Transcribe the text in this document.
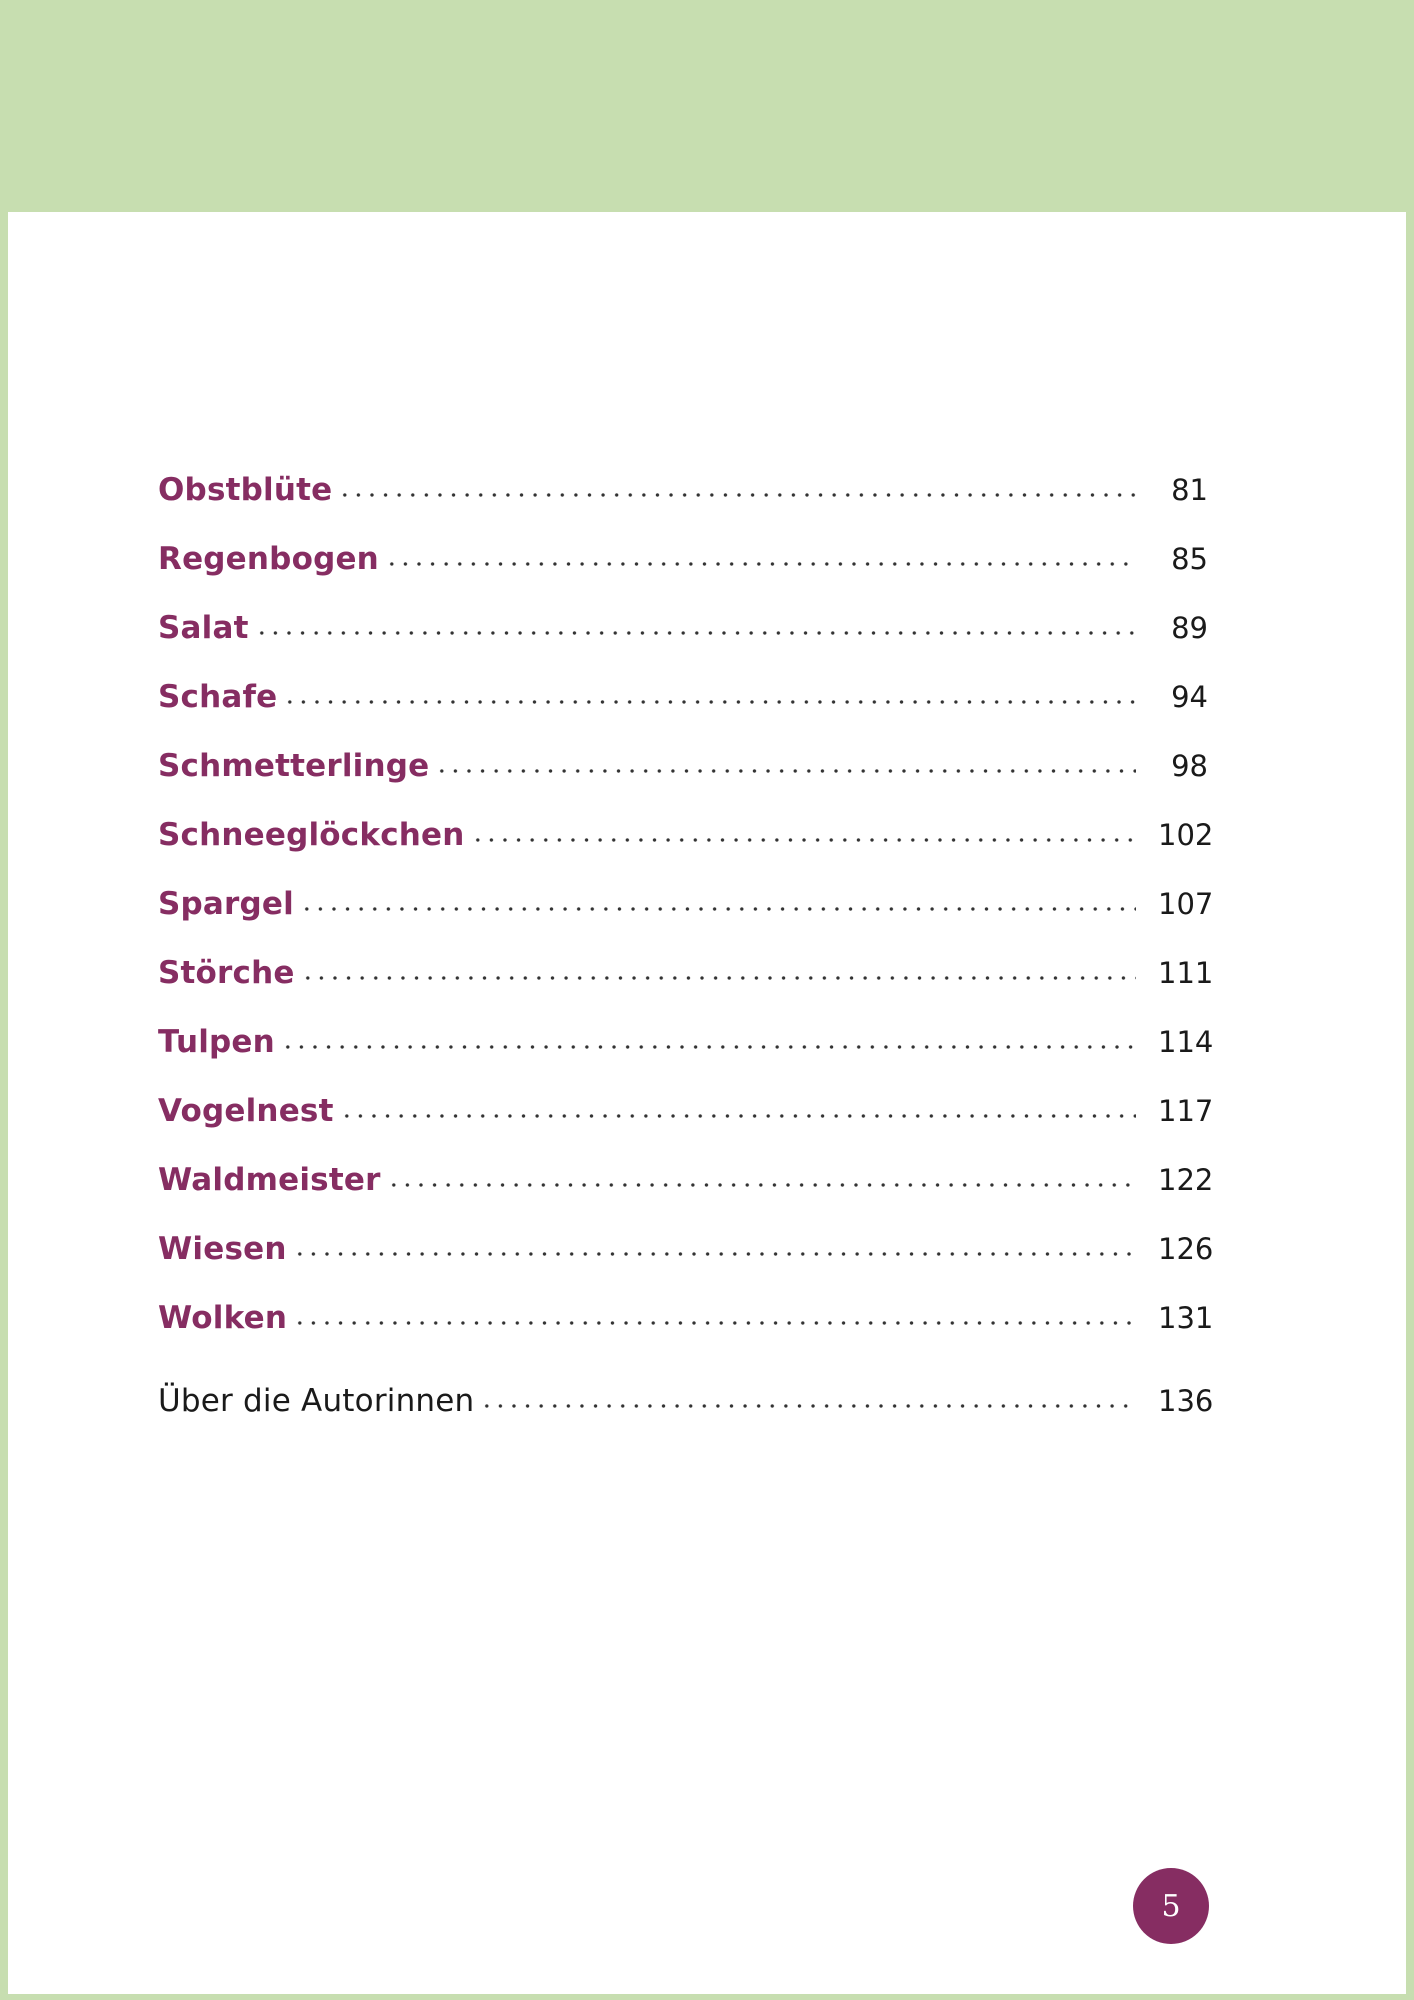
Obstblüte	81
Regenbogen	85
Salat	89
Schafe	94
Schmetterlinge	98
Schneeglöckchen	102
Spargel	107
Störche	111
Tulpen	114
Vogelnest	117
Waldmeister	122
Wiesen	126
Wolken	131
Über die Autorinnen	136
5
